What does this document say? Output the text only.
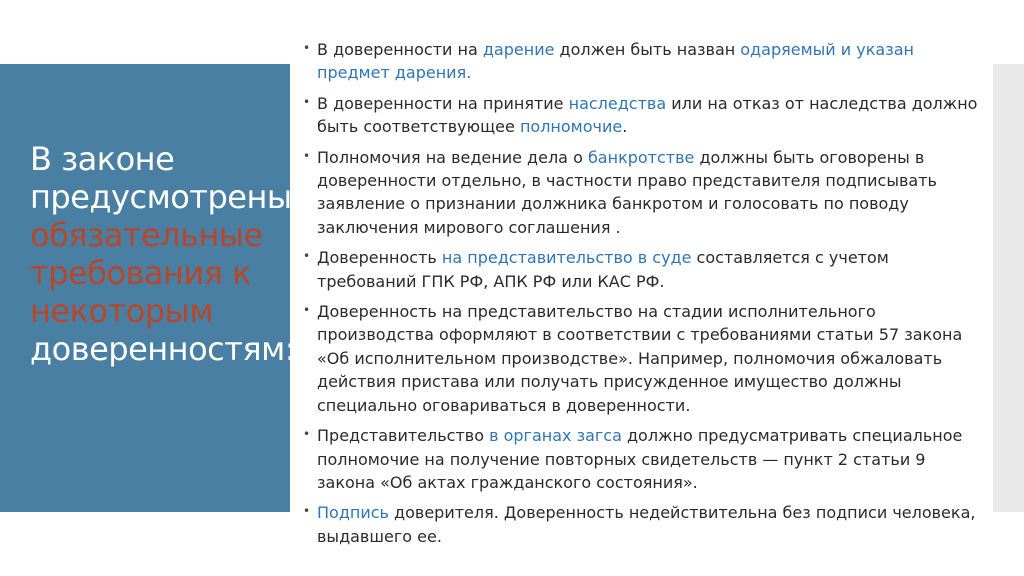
В законе предусмотрены обязательные требования к некоторым доверенностям:
• В доверенности на дарение должен быть назван одаряемый и указан предмет дарения.
• В доверенности на принятие наследства или на отказ от наследства должно быть соответствующее полномочие.
• Полномочия на ведение дела о банкротстве должны быть оговорены в доверенности отдельно, в частности право представителя подписывать заявление о признании должника банкротом и голосовать по поводу заключения мирового соглашения .
• Доверенность на представительство в суде составляется с учетом требований ГПК РФ, АПК РФ или КАС РФ.
• Доверенность на представительство на стадии исполнительного производства оформляют в соответствии с требованиями статьи 57 закона «Об исполнительном производстве». Например, полномочия обжаловать действия пристава или получать присужденное имущество должны специально оговариваться в доверенности.
• Представительство в органах загса должно предусматривать специальное полномочие на получение повторных свидетельств — пункт 2 статьи 9 закона «Об актах гражданского состояния».
• Подпись доверителя. Доверенность недействительна без подписи человека, выдавшего ее.
